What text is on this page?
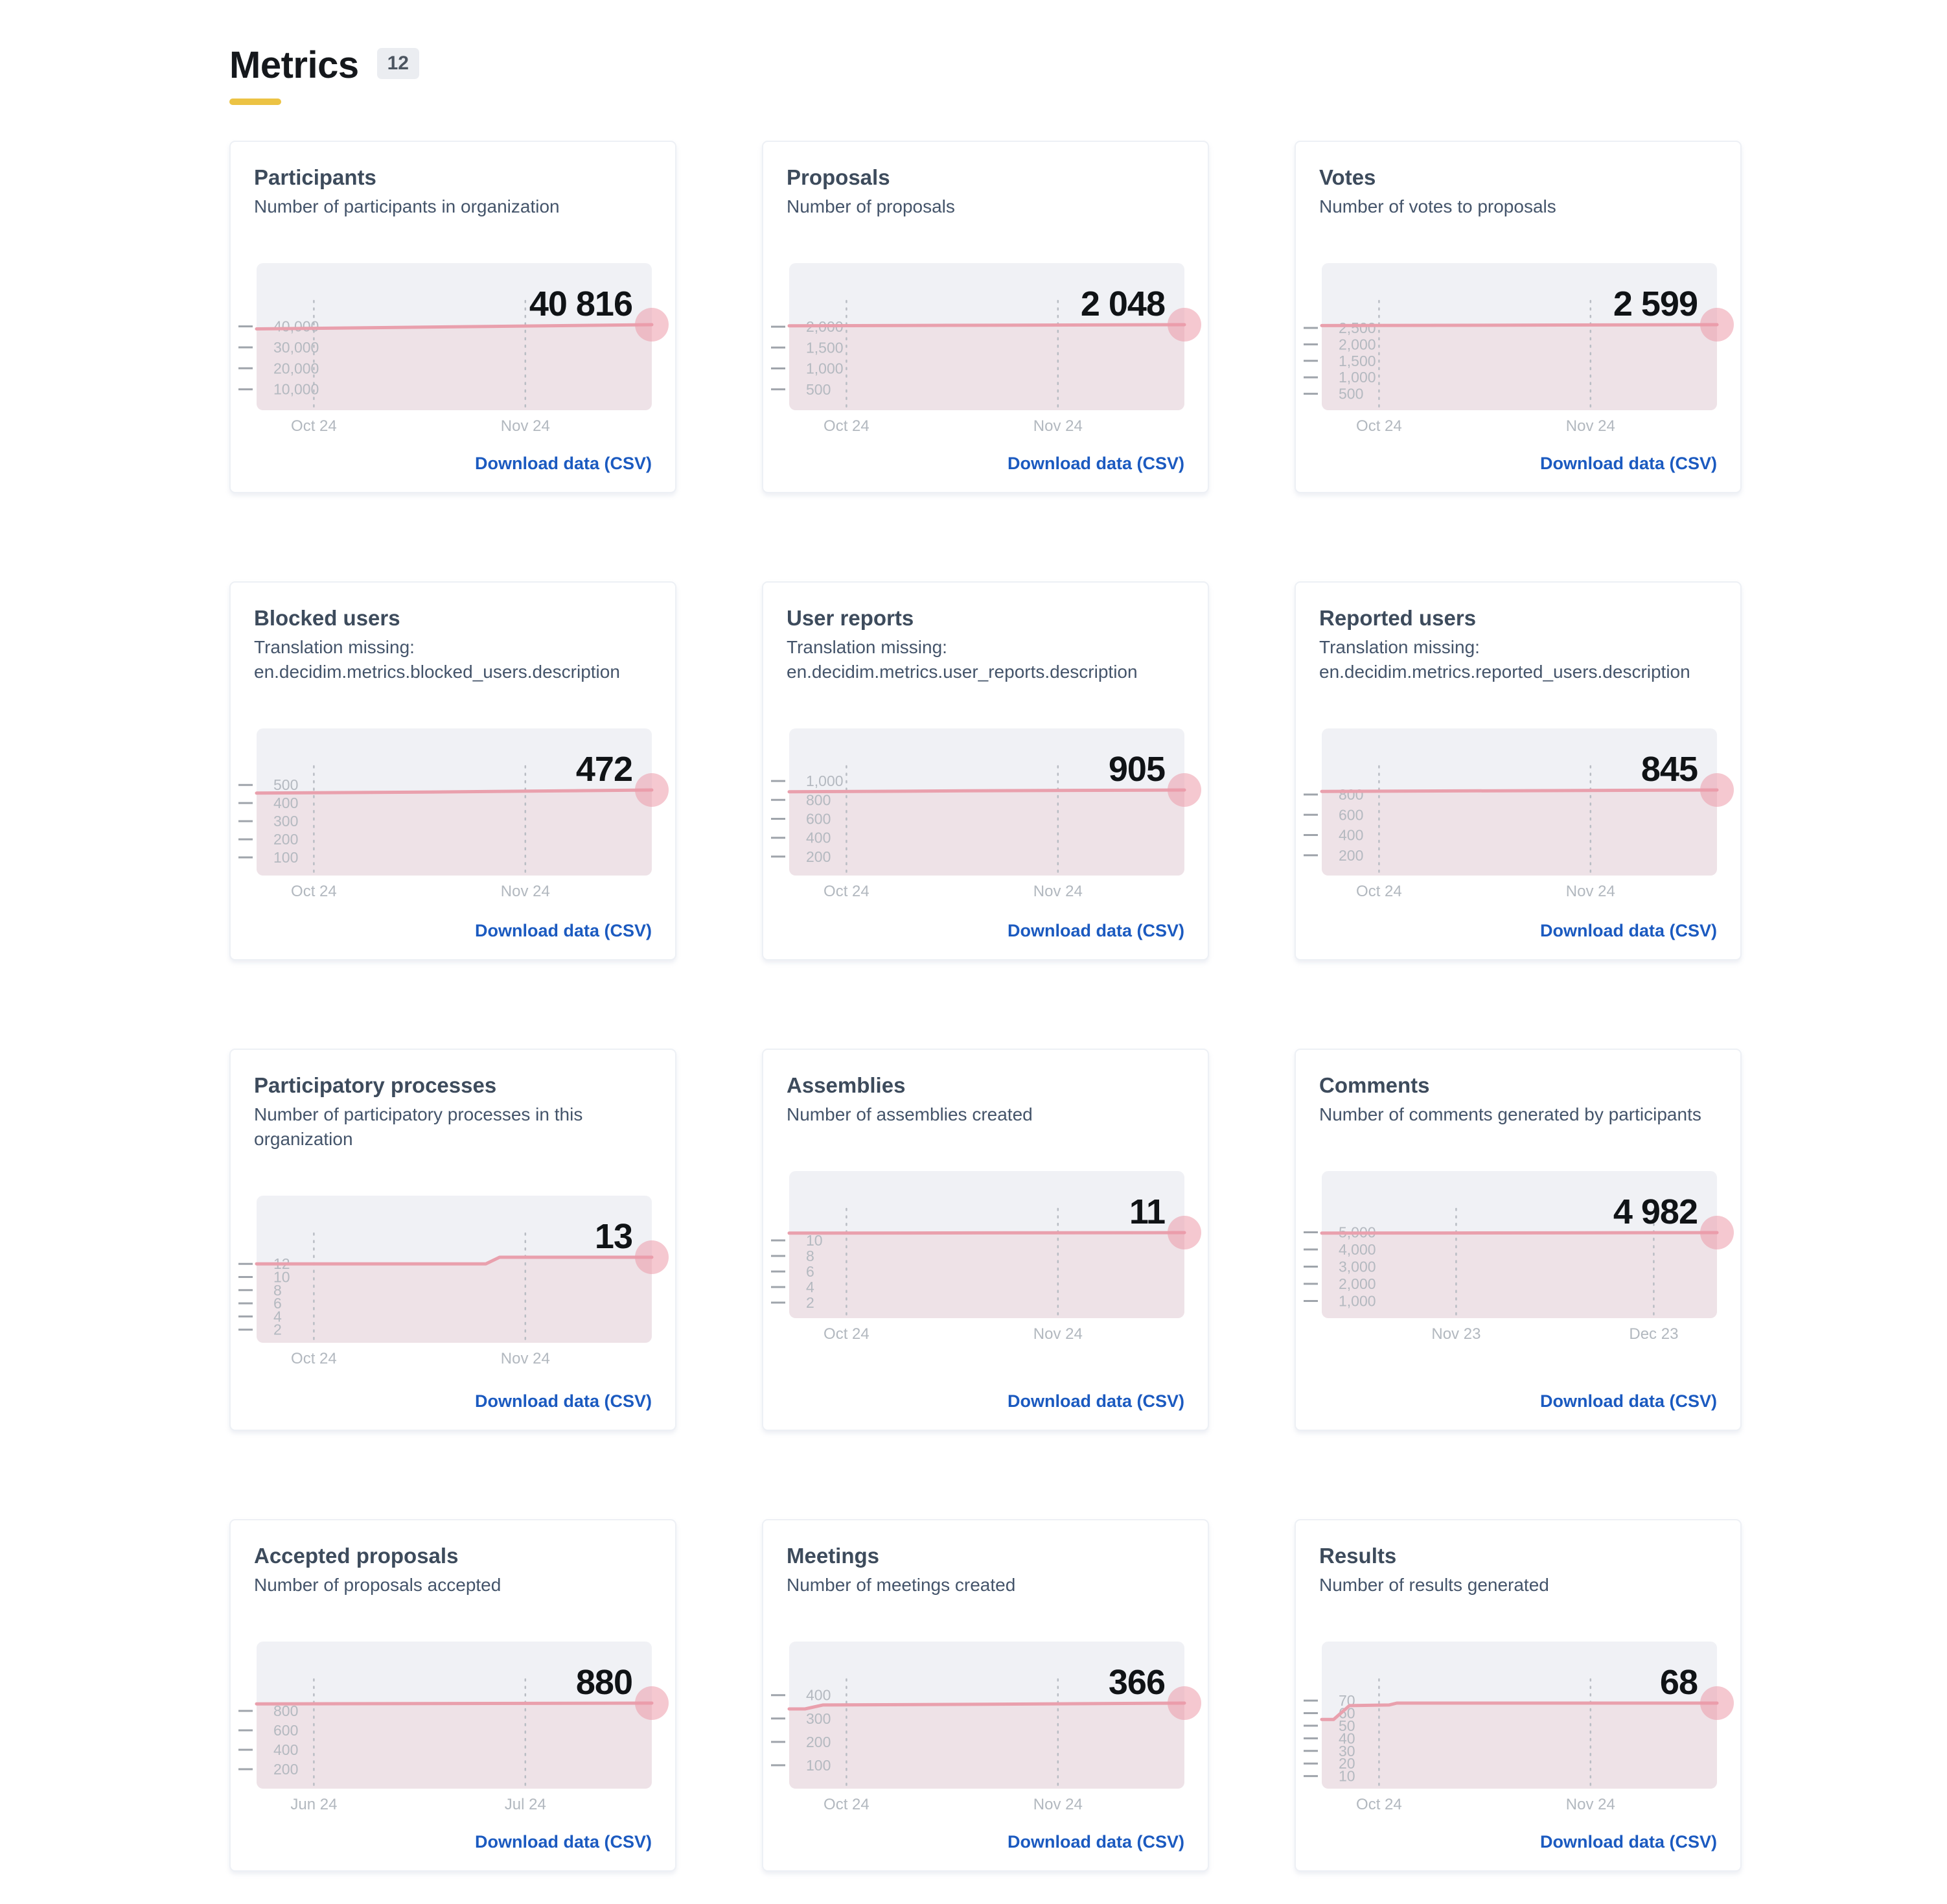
Metrics	12
Participants

Number of participants in organization

Oct 24	Nov 24
40,000
30,000
20,000
10,000
40 816
Download data (CSV)
Proposals

Number of proposals

Oct 24	Nov 24
2,000
1,500
1,000
500
2 048
Download data (CSV)
Votes

Number of votes to proposals

Oct 24	Nov 24
2,500
2,000
1,500
1,000
500
2 599
Download data (CSV)
Blocked users

Translation missing: en.decidim.metrics.blocked_users.description

Oct 24	Nov 24
500
400
300
200
100
472
Download data (CSV)
User reports

Translation missing: en.decidim.metrics.user_reports.description

Oct 24	Nov 24
1,000
800
600
400
200
905
Download data (CSV)
Reported users

Translation missing: en.decidim.metrics.reported_users.description

Oct 24	Nov 24
800
600
400
200
845
Download data (CSV)
Participatory processes

Number of participatory processes in this organization

Oct 24	Nov 24
12
10
8
6
4
2
13
Download data (CSV)
Assemblies

Number of assemblies created

Oct 24	Nov 24
10
8
6
4
2
11
Download data (CSV)
Comments

Number of comments generated by participants

Nov 23	Dec 23
5,000
4,000
3,000
2,000
1,000
4 982
Download data (CSV)
Accepted proposals

Number of proposals accepted

Jun 24	Jul 24
800
600
400
200
880
Download data (CSV)
Meetings

Number of meetings created

Oct 24	Nov 24
400
300
200
100
366
Download data (CSV)
Results

Number of results generated

Oct 24	Nov 24
70
60
50
40
30
20
10
68
Download data (CSV)
